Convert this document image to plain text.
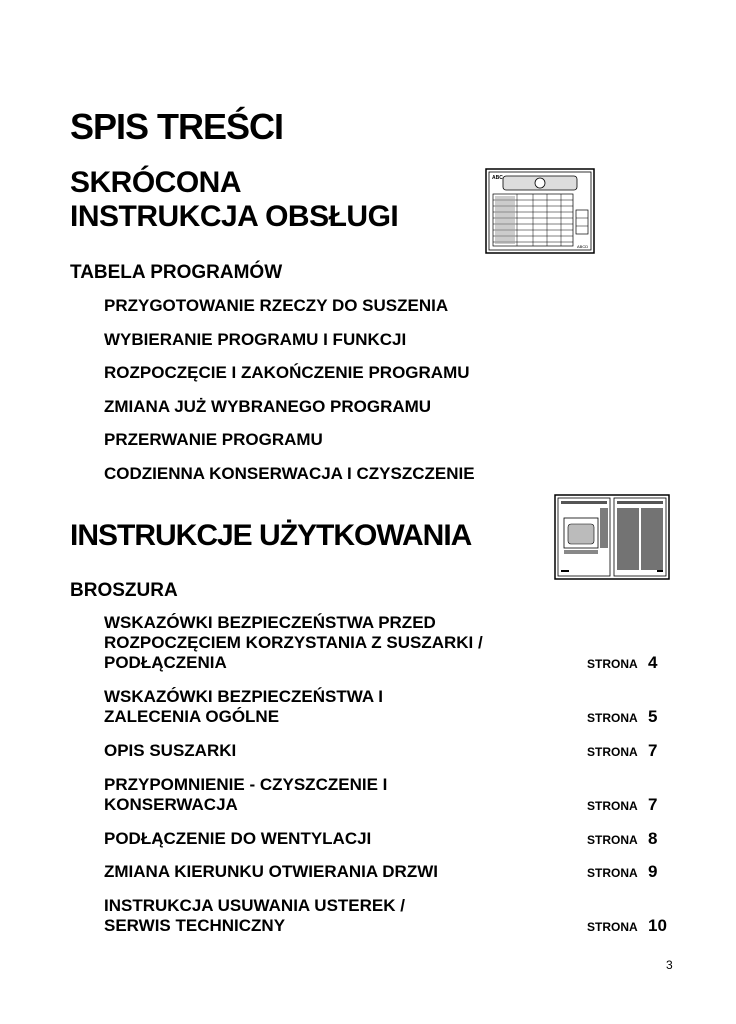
SPIS TREŚCI
SKRÓCONA
INSTRUKCJA OBSŁUGI
ABC
ABCD
TABELA PROGRAMÓW
PRZYGOTOWANIE RZECZY DO SUSZENIA
WYBIERANIE PROGRAMU I FUNKCJI
ROZPOCZĘCIE I ZAKOŃCZENIE PROGRAMU
ZMIANA JUŻ WYBRANEGO PROGRAMU
PRZERWANIE PROGRAMU
CODZIENNA KONSERWACJA I CZYSZCZENIE
INSTRUKCJE UŻYTKOWANIA
BROSZURA
WSKAZÓWKI BEZPIECZEŃSTWA PRZED
ROZPOCZĘCIEM KORZYSTANIA Z SUSZARKI /
PODŁĄCZENIA	STRONA 4
WSKAZÓWKI BEZPIECZEŃSTWA I
ZALECENIA OGÓLNE	STRONA 5
OPIS SUSZARKI	STRONA 7
PRZYPOMNIENIE - CZYSZCZENIE I
KONSERWACJA	STRONA 7
PODŁĄCZENIE DO WENTYLACJI	STRONA 8
ZMIANA KIERUNKU OTWIERANIA DRZWI	STRONA 9
INSTRUKCJA USUWANIA USTEREK /
SERWIS TECHNICZNY	STRONA 10
3
